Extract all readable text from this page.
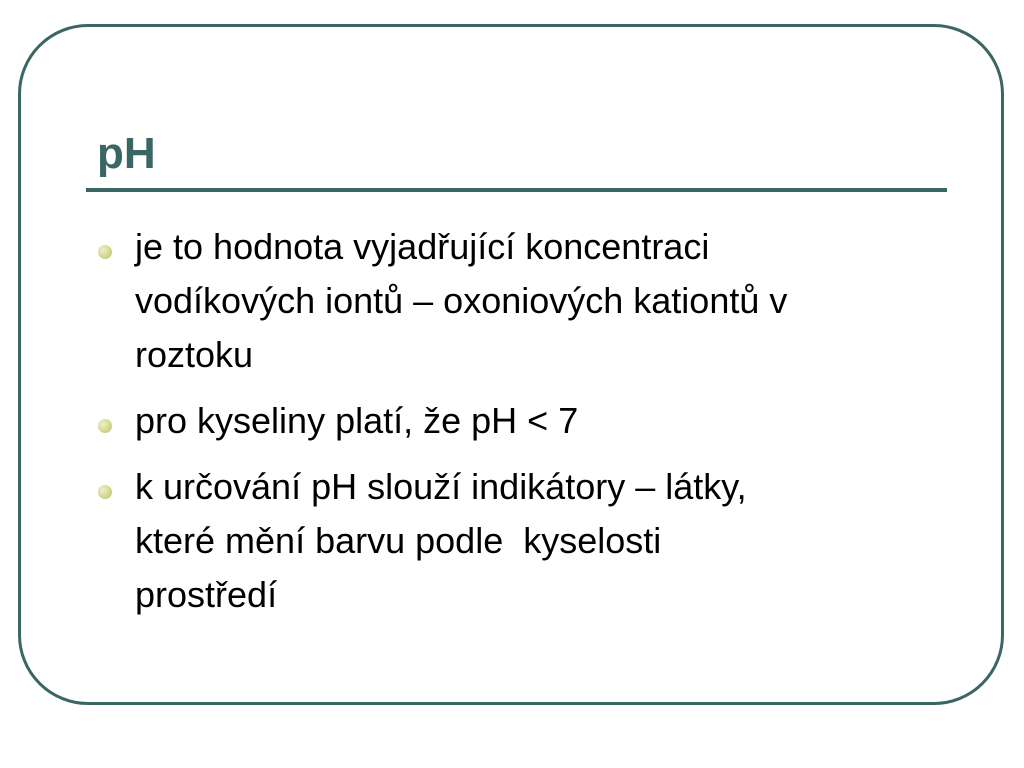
pH
je to hodnota vyjadřující koncentraci
vodíkových iontů – oxoniových kationtů v
roztoku
pro kyseliny platí, že pH < 7
k určování pH slouží indikátory – látky,
které mění barvu podle  kyselosti
prostředí
